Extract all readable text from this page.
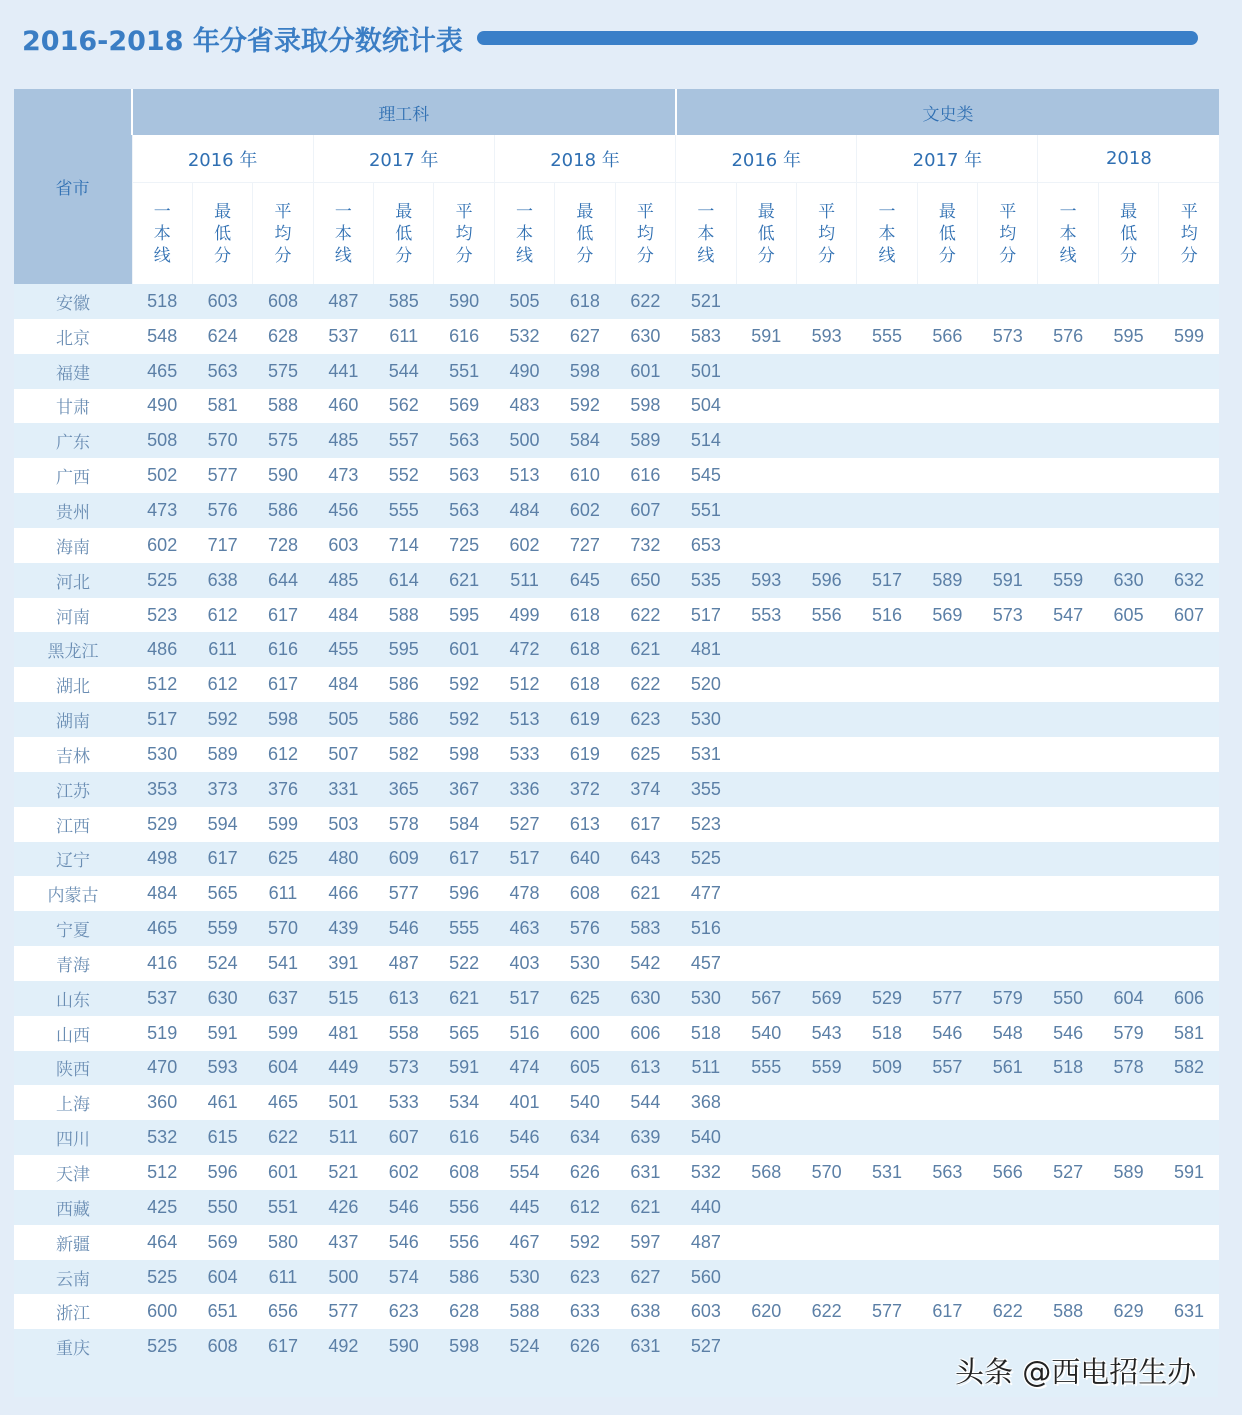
2016-2018 年分省录取分数统计表
省市	理工科									文史类								
	2016 年			2017 年			2018 年			2016 年			2017 年			2018		

	一
本
线	最
低
分	平
均
分	一
本
线	最
低
分	平
均
分	一
本
线	最
低
分	平
均
分	一
本
线	最
低
分	平
均
分	一
本
线	最
低
分	平
均
分	一
本
线	最
低
分	平
均
分

安徽	518	603	608	487	585	590	505	618	622	521								
北京	548	624	628	537	611	616	532	627	630	583	591	593	555	566	573	576	595	599
福建	465	563	575	441	544	551	490	598	601	501								
甘肃	490	581	588	460	562	569	483	592	598	504								
广东	508	570	575	485	557	563	500	584	589	514								
广西	502	577	590	473	552	563	513	610	616	545								
贵州	473	576	586	456	555	563	484	602	607	551								
海南	602	717	728	603	714	725	602	727	732	653								
河北	525	638	644	485	614	621	511	645	650	535	593	596	517	589	591	559	630	632
河南	523	612	617	484	588	595	499	618	622	517	553	556	516	569	573	547	605	607
黑龙江	486	611	616	455	595	601	472	618	621	481								
湖北	512	612	617	484	586	592	512	618	622	520								
湖南	517	592	598	505	586	592	513	619	623	530								
吉林	530	589	612	507	582	598	533	619	625	531								
江苏	353	373	376	331	365	367	336	372	374	355								
江西	529	594	599	503	578	584	527	613	617	523								
辽宁	498	617	625	480	609	617	517	640	643	525								
内蒙古	484	565	611	466	577	596	478	608	621	477								
宁夏	465	559	570	439	546	555	463	576	583	516								
青海	416	524	541	391	487	522	403	530	542	457								
山东	537	630	637	515	613	621	517	625	630	530	567	569	529	577	579	550	604	606
山西	519	591	599	481	558	565	516	600	606	518	540	543	518	546	548	546	579	581
陕西	470	593	604	449	573	591	474	605	613	511	555	559	509	557	561	518	578	582
上海	360	461	465	501	533	534	401	540	544	368								
四川	532	615	622	511	607	616	546	634	639	540								
天津	512	596	601	521	602	608	554	626	631	532	568	570	531	563	566	527	589	591
西藏	425	550	551	426	546	556	445	612	621	440								
新疆	464	569	580	437	546	556	467	592	597	487								
云南	525	604	611	500	574	586	530	623	627	560								
浙江	600	651	656	577	623	628	588	633	638	603	620	622	577	617	622	588	629	631
重庆	525	608	617	492	590	598	524	626	631	527								
头条 @西电招生办
